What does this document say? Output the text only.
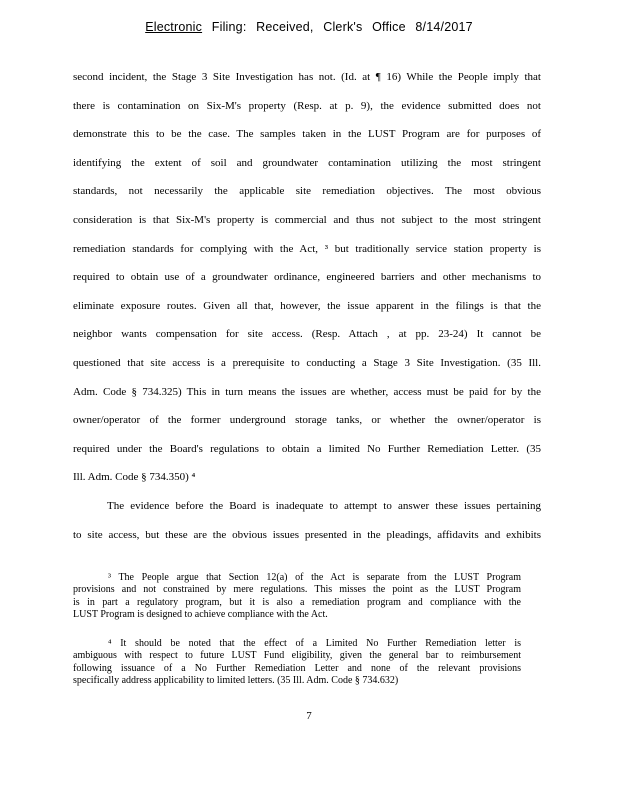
Electronic Filing: Received, Clerk's Office 8/14/2017
second incident, the Stage 3 Site Investigation has not. (Id. at ¶ 16) While the People imply that
there is contamination on Six-M's property (Resp. at p. 9), the evidence submitted does not
demonstrate this to be the case. The samples taken in the LUST Program are for purposes of
identifying the extent of soil and groundwater contamination utilizing the most stringent
standards, not necessarily the applicable site remediation objectives. The most obvious
consideration is that Six-M's property is commercial and thus not subject to the most stringent
remediation standards for complying with the Act, ³ but traditionally service station property is
required to obtain use of a groundwater ordinance, engineered barriers and other mechanisms to
eliminate exposure routes. Given all that, however, the issue apparent in the filings is that the
neighbor wants compensation for site access. (Resp. Attach , at pp. 23-24) It cannot be
questioned that site access is a prerequisite to conducting a Stage 3 Site Investigation. (35 Ill.
Adm. Code § 734.325) This in turn means the issues are whether, access must be paid for by the
owner/operator of the former underground storage tanks, or whether the owner/operator is
required under the Board's regulations to obtain a limited No Further Remediation Letter. (35
Ill. Adm. Code § 734.350) ⁴
The evidence before the Board is inadequate to attempt to answer these issues pertaining
to site access, but these are the obvious issues presented in the pleadings, affidavits and exhibits
³ The People argue that Section 12(a) of the Act is separate from the LUST Program
provisions and not constrained by mere regulations. This misses the point as the LUST Program
is in part a regulatory program, but it is also a remediation program and compliance with the
LUST Program is designed to achieve compliance with the Act.
⁴ It should be noted that the effect of a Limited No Further Remediation letter is
ambiguous with respect to future LUST Fund eligibility, given the general bar to reimbursement
following issuance of a No Further Remediation Letter and none of the relevant provisions
specifically address applicability to limited letters. (35 Ill. Adm. Code § 734.632)
7
